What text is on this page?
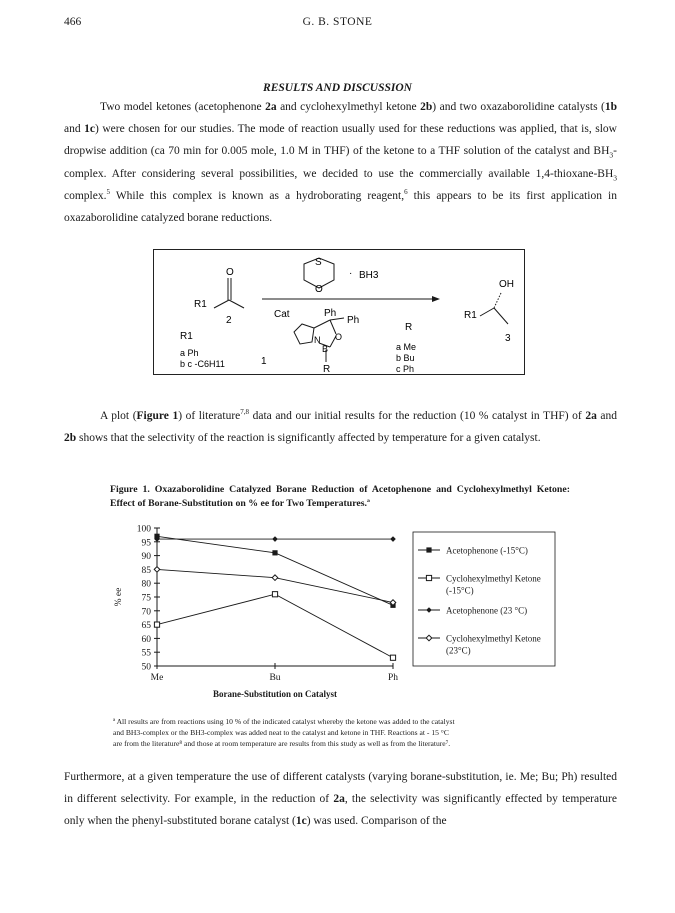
466	G. B. STONE
RESULTS AND DISCUSSION
Two model ketones (acetophenone 2a and cyclohexylmethyl ketone 2b) and two oxazaborolidine catalysts (1b and 1c) were chosen for our studies. The mode of reaction usually used for these reductions was applied, that is, slow dropwise addition (ca 70 min for 0.005 mole, 1.0 M in THF) of the ketone to a THF solution of the catalyst and $BH_3$-complex. After considering several possibilities, we decided to use the commercially available $1,4-thioxane-BH_3$ complex.$^5$ While this complex is known as a hydroborating reagent,$^6$ this appears to be its first application in oxazaborolidine catalyzed borane reductions.
O
R1
2
R1
a Ph
b c -C6H11
S
O
· BH3
Cat	Ph
Ph
N
B
O
1
R
R
a Me
b Bu
c Ph
OH
R1
3
A plot (Figure 1) of literature$^{7,8}$ data and our initial results for the reduction (10 % catalyst in THF) of 2a and 2b shows that the selectivity of the reaction is significantly affected by temperature for a given catalyst.
Figure 1. Oxazaborolidine Catalyzed Borane Reduction of Acetophenone and Cyclohexylmethyl Ketone: Effect of Borane-Substitution on % ee for Two Temperatures.ª
100
95
90
85
80
75
70
65
60
55
50
Me	Bu	Ph
Borane-Substitution on Catalyst
% ee
Acetophenone (-15°C)
Cyclohexylmethyl Ketone (-15°C)
Acetophenone (23 °C)
Cyclohexylmethyl Ketone (23°C)
ª All results are from reactions using 10 % of the indicated catalyst whereby the ketone was added to the catalyst
and BH3-complex or the BH3-complex was added neat to the catalyst and ketone in THF. Reactions at - 15 °C
are from the literature⁸ and those at room temperature are results from this study as well as from the literature⁷.
Furthermore, at a given temperature the use of different catalysts (varying borane-substitution, ie. Me; Bu; Ph) resulted in different selectivity. For example, in the reduction of 2a, the selectivity was significantly effected by temperature only when the phenyl-substituted borane catalyst (1c) was used. Comparison of the
